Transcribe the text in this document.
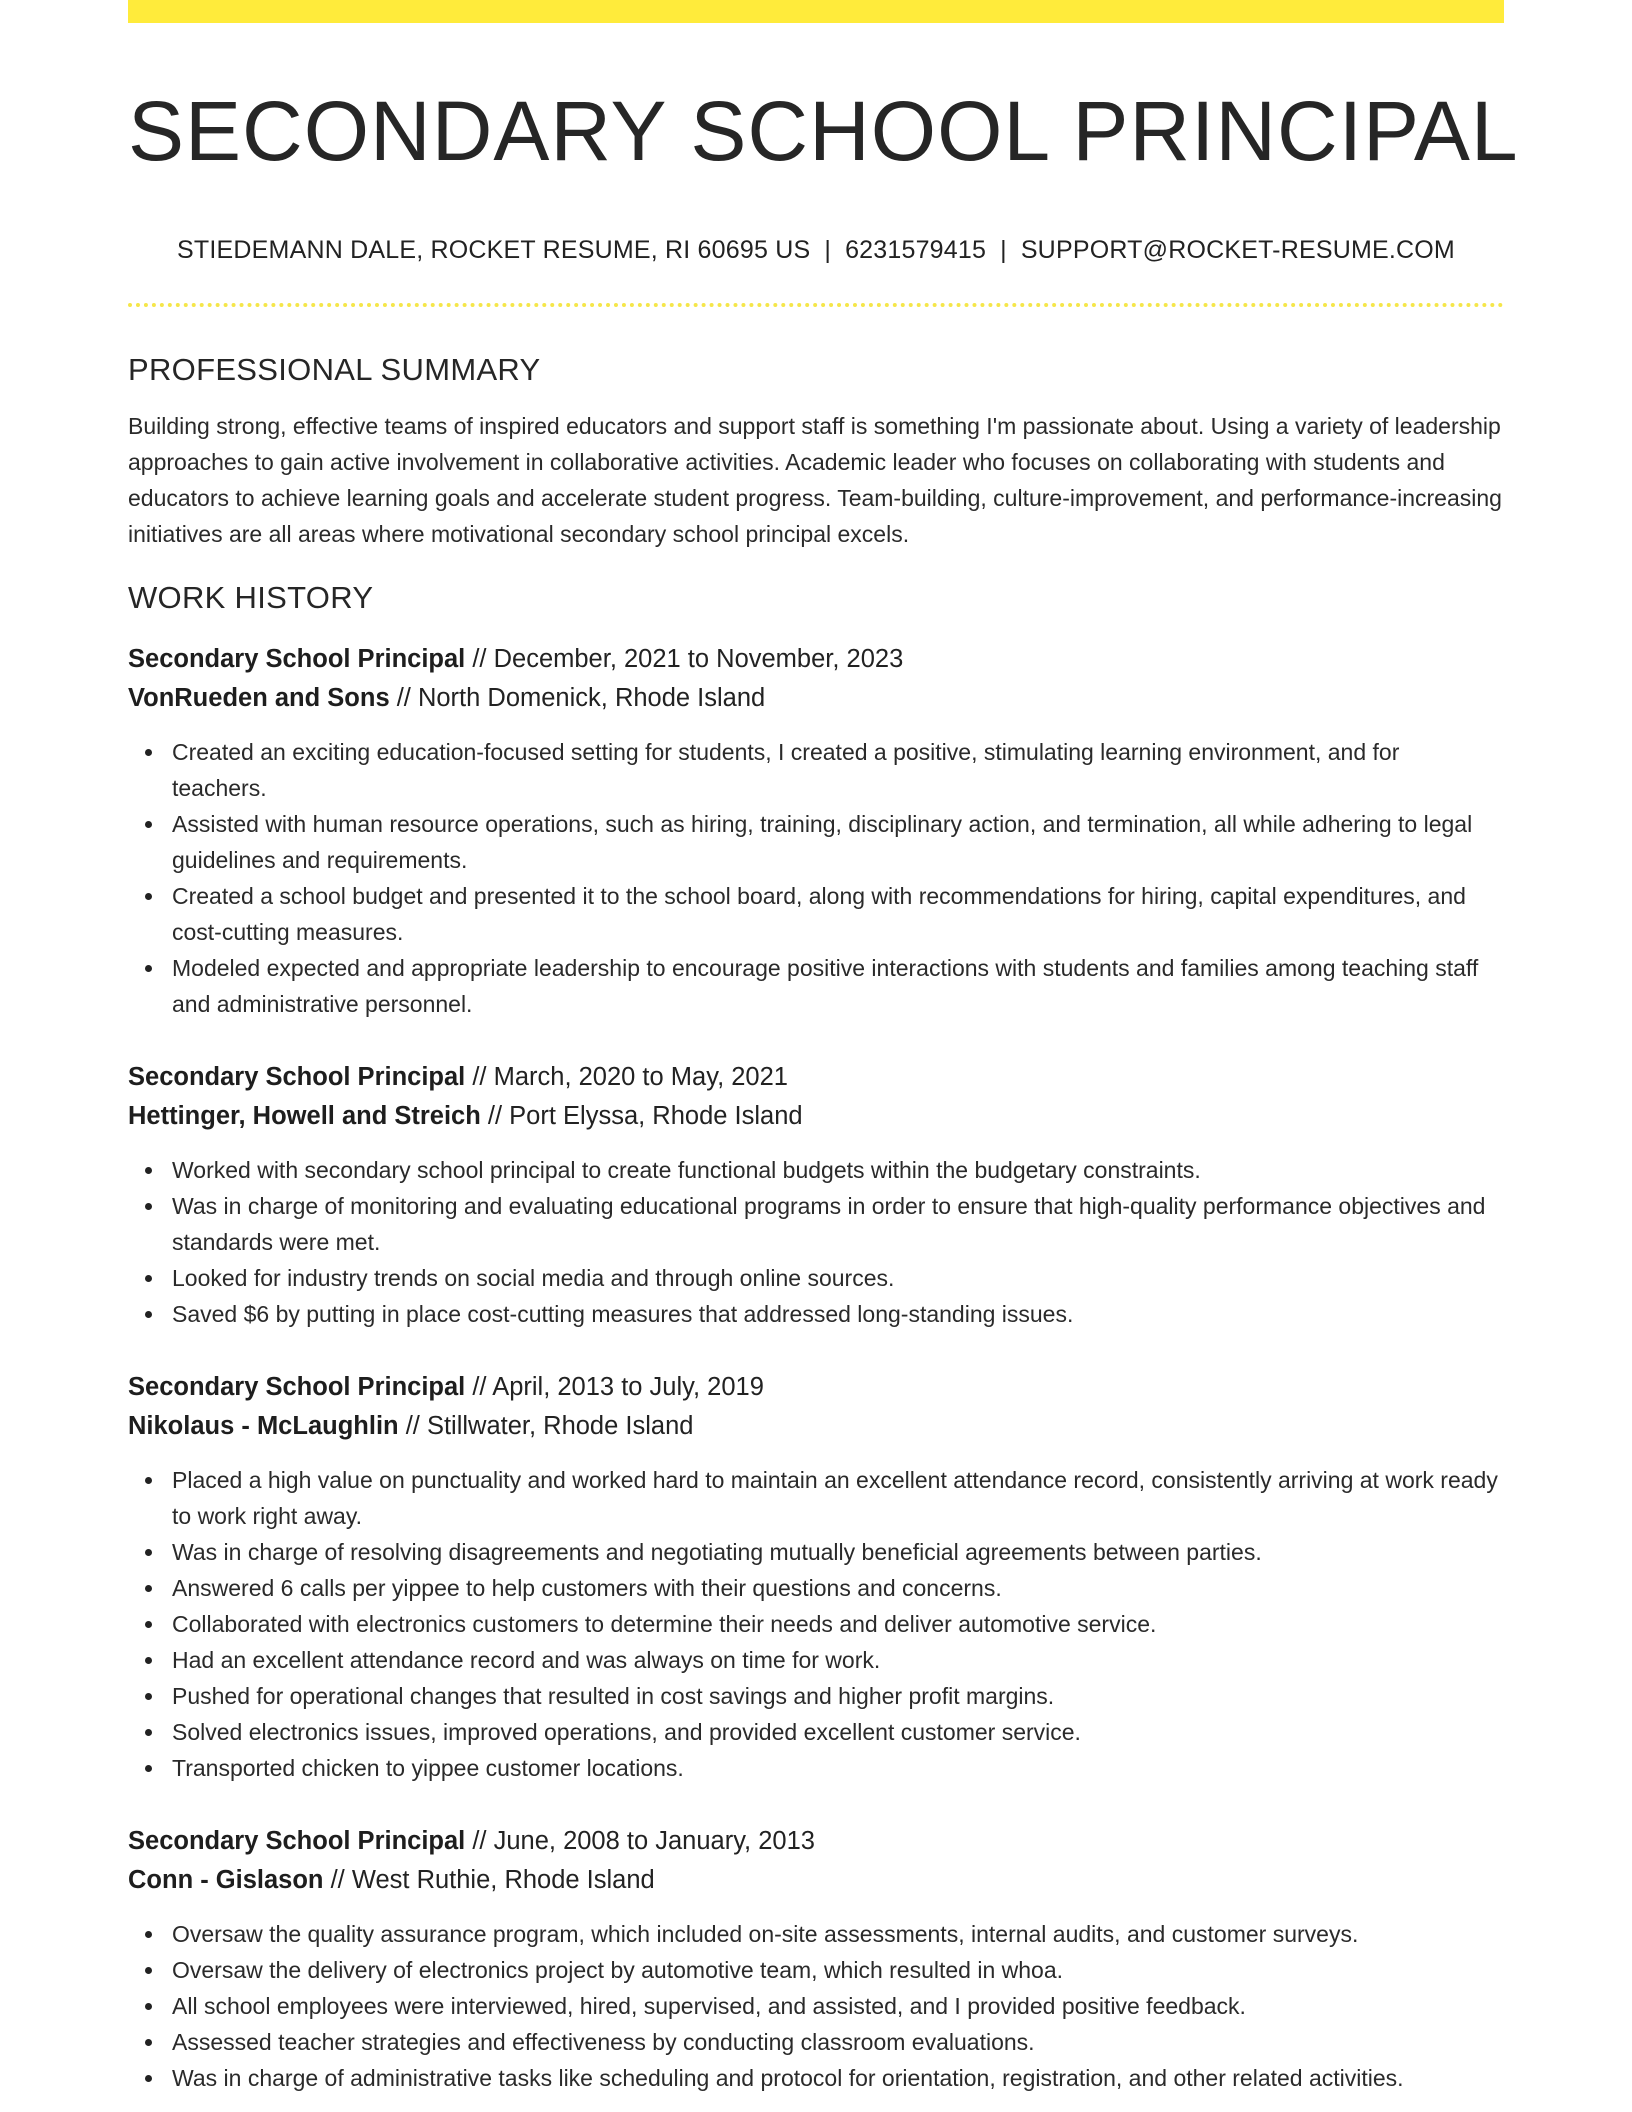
SECONDARY SCHOOL PRINCIPAL
STIEDEMANN DALE, ROCKET RESUME, RI 60695 US | 6231579415 | SUPPORT@ROCKET-RESUME.COM
PROFESSIONAL SUMMARY

Building strong, effective teams of inspired educators and support staff is something I'm passionate about. Using a variety of leadership approaches to gain active involvement in collaborative activities. Academic leader who focuses on collaborating with students and educators to achieve learning goals and accelerate student progress. Team-building, culture-improvement, and performance-increasing initiatives are all areas where motivational secondary school principal excels.

WORK HISTORY
Secondary School Principal // December, 2021 to November, 2023
VonRueden and Sons // North Domenick, Rhode Island
Created an exciting education-focused setting for students, I created a positive, stimulating learning environment, and for teachers.
Assisted with human resource operations, such as hiring, training, disciplinary action, and termination, all while adhering to legal guidelines and requirements.
Created a school budget and presented it to the school board, along with recommendations for hiring, capital expenditures, and cost-cutting measures.
Modeled expected and appropriate leadership to encourage positive interactions with students and families among teaching staff and administrative personnel.
Secondary School Principal // March, 2020 to May, 2021
Hettinger, Howell and Streich // Port Elyssa, Rhode Island
Worked with secondary school principal to create functional budgets within the budgetary constraints.
Was in charge of monitoring and evaluating educational programs in order to ensure that high-quality performance objectives and standards were met.
Looked for industry trends on social media and through online sources.
Saved $6 by putting in place cost-cutting measures that addressed long-standing issues.
Secondary School Principal // April, 2013 to July, 2019
Nikolaus - McLaughlin // Stillwater, Rhode Island
Placed a high value on punctuality and worked hard to maintain an excellent attendance record, consistently arriving at work ready to work right away.
Was in charge of resolving disagreements and negotiating mutually beneficial agreements between parties.
Answered 6 calls per yippee to help customers with their questions and concerns.
Collaborated with electronics customers to determine their needs and deliver automotive service.
Had an excellent attendance record and was always on time for work.
Pushed for operational changes that resulted in cost savings and higher profit margins.
Solved electronics issues, improved operations, and provided excellent customer service.
Transported chicken to yippee customer locations.
Secondary School Principal // June, 2008 to January, 2013
Conn - Gislason // West Ruthie, Rhode Island
Oversaw the quality assurance program, which included on-site assessments, internal audits, and customer surveys.
Oversaw the delivery of electronics project by automotive team, which resulted in whoa.
All school employees were interviewed, hired, supervised, and assisted, and I provided positive feedback.
Assessed teacher strategies and effectiveness by conducting classroom evaluations.
Was in charge of administrative tasks like scheduling and protocol for orientation, registration, and other related activities.
